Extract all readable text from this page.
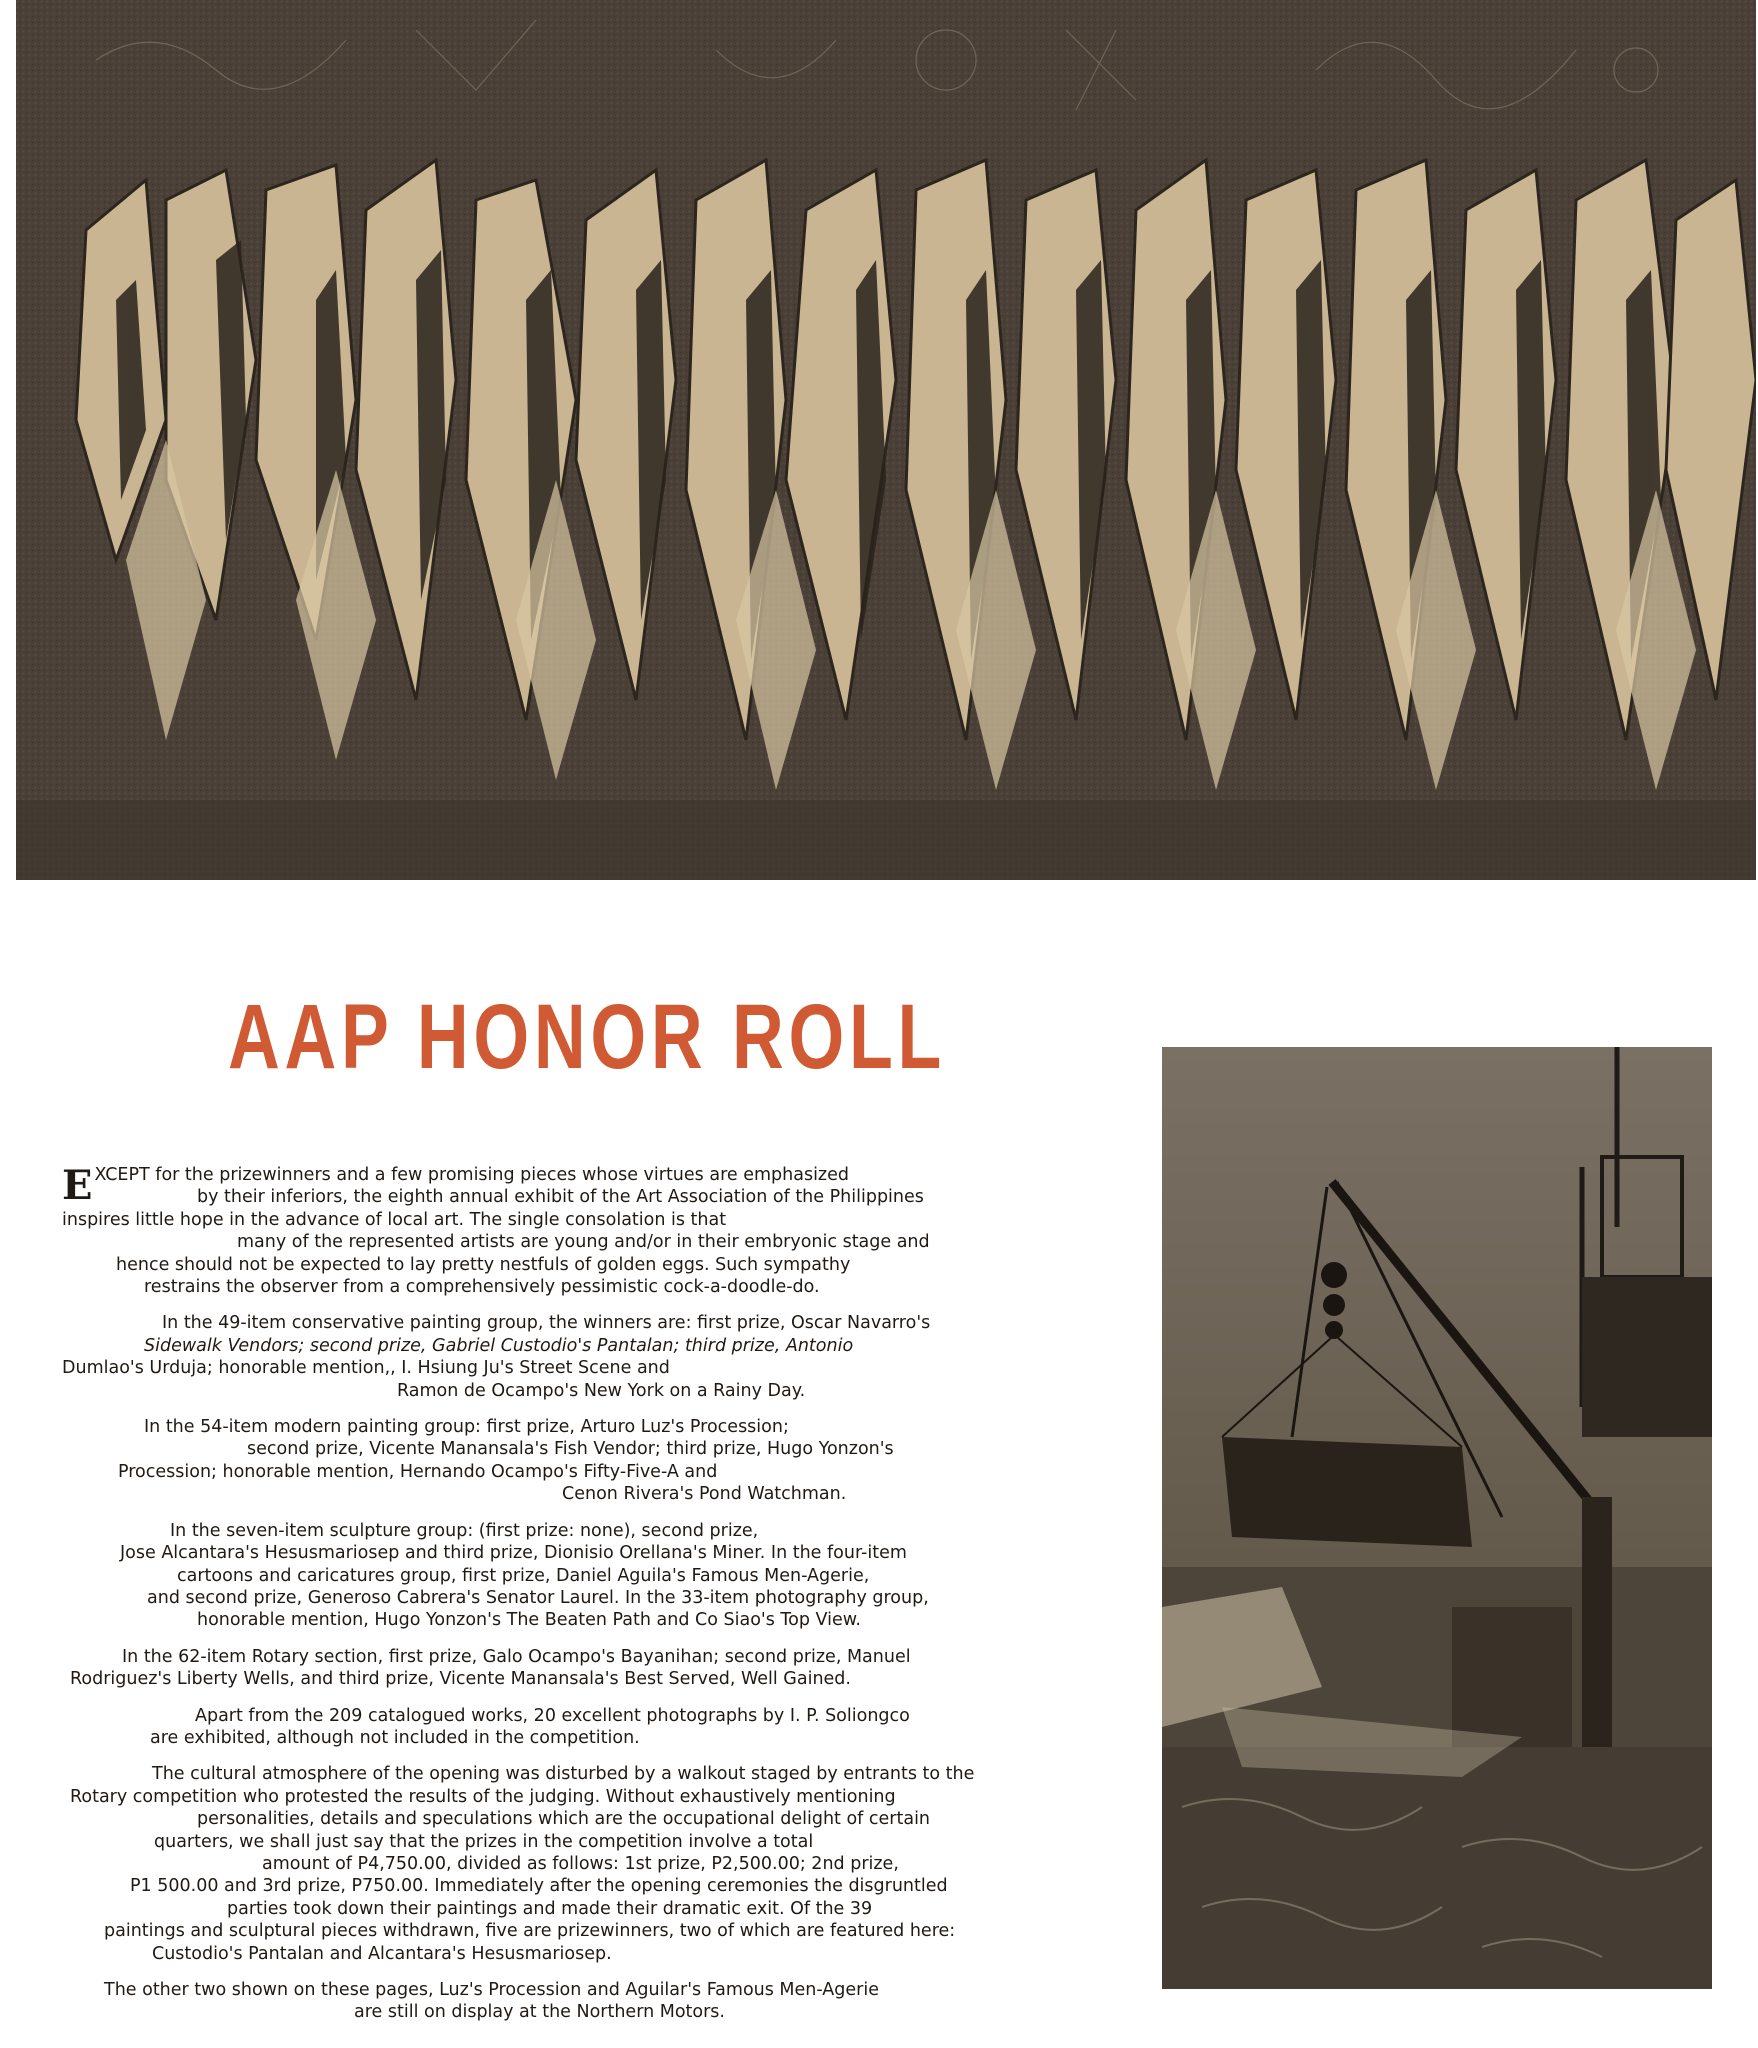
AAP HONOR ROLL
E XCEPT for the prizewinners and a few promising pieces whose virtues are emphasized
by their inferiors, the eighth annual exhibit of the Art Association of the Philippines
inspires little hope in the advance of local art. The single consolation is that
many of the represented artists are young and/or in their embryonic stage and
hence should not be expected to lay pretty nestfuls of golden eggs. Such sympathy
restrains the observer from a comprehensively pessimistic cock-a-doodle-do.
In the 49-item conservative painting group, the winners are: first prize, Oscar Navarro's
Sidewalk Vendors; second prize, Gabriel Custodio's Pantalan; third prize, Antonio
Dumlao's Urduja; honorable mention,, I. Hsiung Ju's Street Scene and
Ramon de Ocampo's New York on a Rainy Day.
In the 54-item modern painting group: first prize, Arturo Luz's Procession;
second prize, Vicente Manansala's Fish Vendor; third prize, Hugo Yonzon's
Procession; honorable mention, Hernando Ocampo's Fifty-Five-A and
Cenon Rivera's Pond Watchman.
In the seven-item sculpture group: (first prize: none), second prize,
Jose Alcantara's Hesusmariosep and third prize, Dionisio Orellana's Miner. In the four-item
cartoons and caricatures group, first prize, Daniel Aguila's Famous Men-Agerie,
and second prize, Generoso Cabrera's Senator Laurel. In the 33-item photography group,
honorable mention, Hugo Yonzon's The Beaten Path and Co Siao's Top View.
In the 62-item Rotary section, first prize, Galo Ocampo's Bayanihan; second prize, Manuel
Rodriguez's Liberty Wells, and third prize, Vicente Manansala's Best Served, Well Gained.
Apart from the 209 catalogued works, 20 excellent photographs by I. P. Soliongco
are exhibited, although not included in the competition.
The cultural atmosphere of the opening was disturbed by a walkout staged by entrants to the
Rotary competition who protested the results of the judging. Without exhaustively mentioning
personalities, details and speculations which are the occupational delight of certain
quarters, we shall just say that the prizes in the competition involve a total
amount of P4,750.00, divided as follows: 1st prize, P2,500.00; 2nd prize,
P1 500.00 and 3rd prize, P750.00. Immediately after the opening ceremonies the disgruntled
parties took down their paintings and made their dramatic exit. Of the 39
paintings and sculptural pieces withdrawn, five are prizewinners, two of which are featured here:
Custodio's Pantalan and Alcantara's Hesusmariosep.
The other two shown on these pages, Luz's Procession and Aguilar's Famous Men-Agerie
are still on display at the Northern Motors.
